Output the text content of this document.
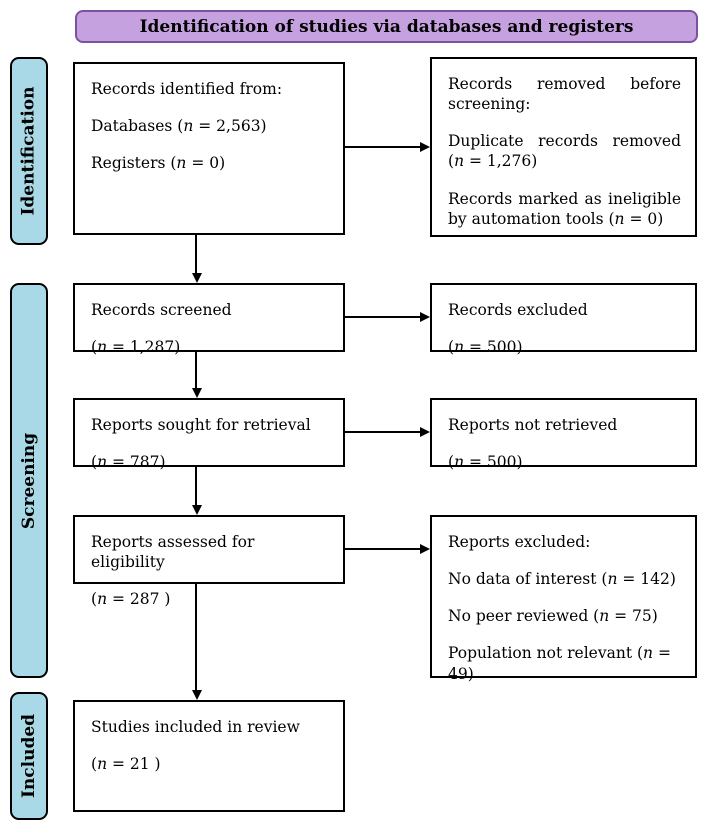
Identification of studies via databases and registers
Identification
Screening
Included

Records identified from:

Databases (n = 2,563)

Registers (n = 0)

Records removed before screening:

Duplicate records removed (n = 1,276)

Records marked as ineligible by automation tools (n = 0)

Records screened

(n = 1,287)

Records excluded

(n = 500)

Reports sought for retrieval

(n = 787)

Reports not retrieved

(n = 500)

Reports assessed for eligibility

(n = 287 )

Reports excluded:

No data of interest (n = 142)

No peer reviewed (n = 75)

Population not relevant (n = 49)

Studies included in review

(n = 21 )
